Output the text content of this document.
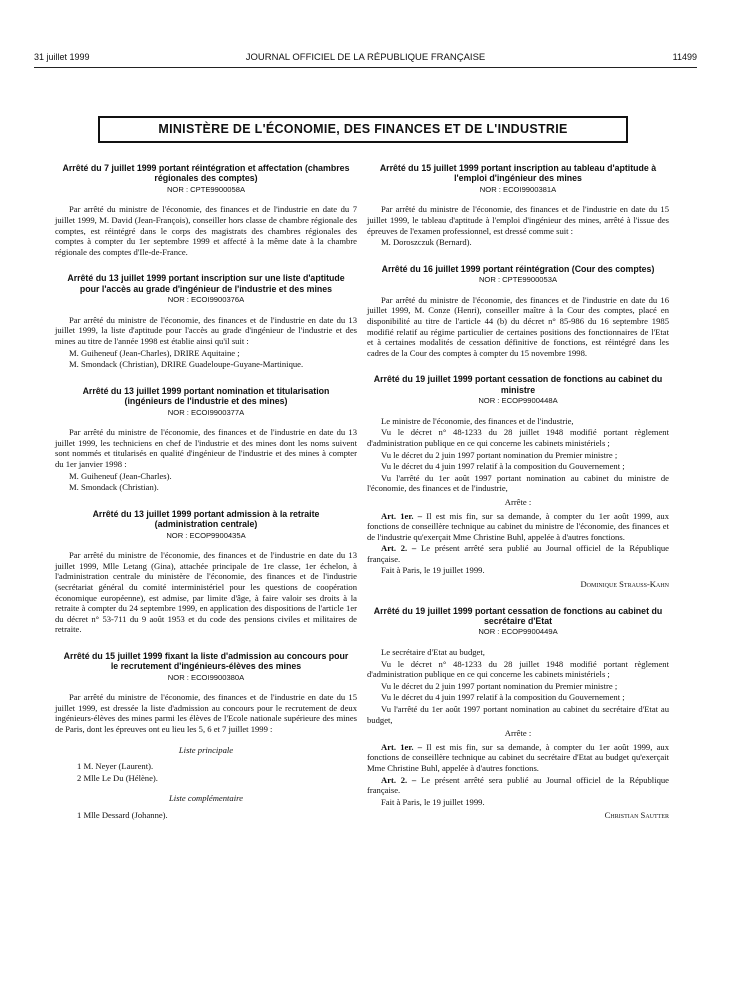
31 juillet 1999	JOURNAL OFFICIEL DE LA RÉPUBLIQUE FRANÇAISE	11499
MINISTÈRE DE L'ÉCONOMIE, DES FINANCES ET DE L'INDUSTRIE
Arrêté du 7 juillet 1999 portant réintégration et affectation (chambres régionales des comptes)
NOR : CPTE9900058A

Par arrêté du ministre de l'économie, des finances et de l'industrie en date du 7 juillet 1999, M. David (Jean-François), conseiller hors classe de chambre régionale des comptes, est réintégré dans le corps des magistrats des chambres régionales des comptes à compter du 1er septembre 1999 et affecté à la même date à la chambre régionale des comptes d'Ile-de-France.

Arrêté du 13 juillet 1999 portant inscription sur une liste d'aptitude pour l'accès au grade d'ingénieur de l'industrie et des mines
NOR : ECOI9900376A

Par arrêté du ministre de l'économie, des finances et de l'industrie en date du 13 juillet 1999, la liste d'aptitude pour l'accès au grade d'ingénieur de l'industrie et des mines au titre de l'année 1998 est établie ainsi qu'il suit :

M. Guiheneuf (Jean-Charles), DRIRE Aquitaine ;

M. Smondack (Christian), DRIRE Guadeloupe-Guyane-Martinique.

Arrêté du 13 juillet 1999 portant nomination et titularisation (ingénieurs de l'industrie et des mines)
NOR : ECOI9900377A

Par arrêté du ministre de l'économie, des finances et de l'industrie en date du 13 juillet 1999, les techniciens en chef de l'industrie et des mines dont les noms suivent sont nommés et titularisés en qualité d'ingénieur de l'industrie et des mines à compter du 1er janvier 1998 :

M. Guiheneuf (Jean-Charles).

M. Smondack (Christian).

Arrêté du 13 juillet 1999 portant admission à la retraite (administration centrale)
NOR : ECOP9900435A

Par arrêté du ministre de l'économie, des finances et de l'industrie en date du 13 juillet 1999, Mlle Letang (Gina), attachée principale de 1re classe, 1er échelon, à l'administration centrale du ministère de l'économie, des finances et de l'industrie (secrétariat général du comité interministériel pour les questions de coopération économique européenne), est admise, par limite d'âge, à faire valoir ses droits à la retraite à compter du 24 septembre 1999, en application des dispositions de l'article 1er du décret n° 53-711 du 9 août 1953 et du code des pensions civiles et militaires de retraite.

Arrêté du 15 juillet 1999 fixant la liste d'admission au concours pour le recrutement d'ingénieurs-élèves des mines
NOR : ECOI9900380A

Par arrêté du ministre de l'économie, des finances et de l'industrie en date du 15 juillet 1999, est dressée la liste d'admission au concours pour le recrutement de deux ingénieurs-élèves des mines parmi les élèves de l'Ecole nationale supérieure des mines de Paris, dont les épreuves ont eu lieu les 5, 6 et 7 juillet 1999 :

Liste principale

1 M. Neyer (Laurent).

2 Mlle Le Du (Hélène).

Liste complémentaire

1 Mlle Dessard (Johanne).

Arrêté du 15 juillet 1999 portant inscription au tableau d'aptitude à l'emploi d'ingénieur des mines
NOR : ECOI9900381A

Par arrêté du ministre de l'économie, des finances et de l'industrie en date du 15 juillet 1999, le tableau d'aptitude à l'emploi d'ingénieur des mines, arrêté à l'issue des épreuves de l'examen professionnel, est dressé comme suit :

M. Doroszczuk (Bernard).

Arrêté du 16 juillet 1999 portant réintégration (Cour des comptes)
NOR : CPTE9900053A

Par arrêté du ministre de l'économie, des finances et de l'industrie en date du 16 juillet 1999, M. Conze (Henri), conseiller maître à la Cour des comptes, placé en disponibilité au titre de l'article 44 (b) du décret n° 85-986 du 16 septembre 1985 modifié relatif au régime particulier de certaines positions des fonctionnaires de l'Etat et à certaines modalités de cessation définitive de fonctions, est réintégré dans les cadres de la Cour des comptes à compter du 15 novembre 1998.

Arrêté du 19 juillet 1999 portant cessation de fonctions au cabinet du ministre
NOR : ECOP9900448A

Le ministre de l'économie, des finances et de l'industrie,

Vu le décret n° 48-1233 du 28 juillet 1948 modifié portant règlement d'administration publique en ce qui concerne les cabinets ministériels ;

Vu le décret du 2 juin 1997 portant nomination du Premier ministre ;

Vu le décret du 4 juin 1997 relatif à la composition du Gouvernement ;

Vu l'arrêté du 1er août 1997 portant nomination au cabinet du ministre de l'économie, des finances et de l'industrie,

Arrête :

Art. 1er. – Il est mis fin, sur sa demande, à compter du 1er août 1999, aux fonctions de conseillère technique au cabinet du ministre de l'économie, des finances et de l'industrie qu'exerçait Mme Christine Buhl, appelée à d'autres fonctions.

Art. 2. – Le présent arrêté sera publié au Journal officiel de la République française.

Fait à Paris, le 19 juillet 1999.

Dominique Strauss-Kahn

Arrêté du 19 juillet 1999 portant cessation de fonctions au cabinet du secrétaire d'Etat
NOR : ECOP9900449A

Le secrétaire d'Etat au budget,

Vu le décret n° 48-1233 du 28 juillet 1948 modifié portant règlement d'administration publique en ce qui concerne les cabinets ministériels ;

Vu le décret du 2 juin 1997 portant nomination du Premier ministre ;

Vu le décret du 4 juin 1997 relatif à la composition du Gouvernement ;

Vu l'arrêté du 1er août 1997 portant nomination au cabinet du secrétaire d'Etat au budget,

Arrête :

Art. 1er. – Il est mis fin, sur sa demande, à compter du 1er août 1999, aux fonctions de conseillère technique au cabinet du secrétaire d'Etat au budget qu'exerçait Mme Christine Buhl, appelée à d'autres fonctions.

Art. 2. – Le présent arrêté sera publié au Journal officiel de la République française.

Fait à Paris, le 19 juillet 1999.

Christian Sautter
